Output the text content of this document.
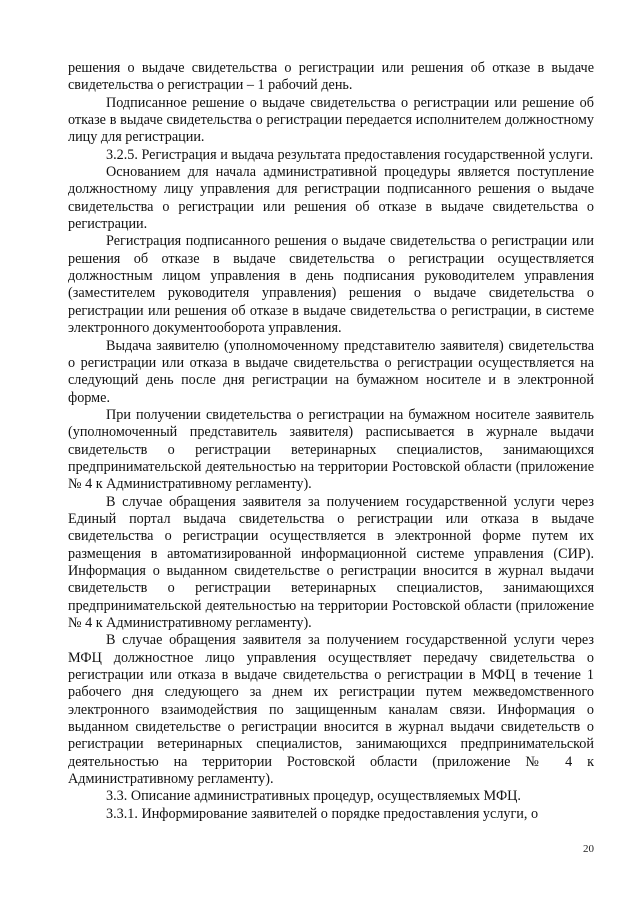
решения о выдаче свидетельства о регистрации или решения об отказе в выдаче свидетельства о регистрации – 1 рабочий день.

Подписанное решение о выдаче свидетельства о регистрации или решение об отказе в выдаче свидетельства о регистрации передается исполнителем должностному лицу для регистрации.

3.2.5. Регистрация и выдача результата предоставления государственной услуги.

Основанием для начала административной процедуры является поступление должностному лицу управления для регистрации подписанного решения о выдаче свидетельства о регистрации или решения об отказе в выдаче свидетельства о регистрации.

Регистрация подписанного решения о выдаче свидетельства о регистрации или решения об отказе в выдаче свидетельства о регистрации осуществляется должностным лицом управления в день подписания руководителем управления (заместителем руководителя управления) решения о выдаче свидетельства о регистрации или решения об отказе в выдаче свидетельства о регистрации, в системе электронного документооборота управления.

Выдача заявителю (уполномоченному представителю заявителя) свидетельства о регистрации или отказа в выдаче свидетельства о регистрации осуществляется на следующий день после дня регистрации на бумажном носителе и в электронной форме.

При получении свидетельства о регистрации на бумажном носителе заявитель (уполномоченный представитель заявителя) расписывается в журнале выдачи свидетельств о регистрации ветеринарных специалистов, занимающихся предпринимательской деятельностью на территории Ростовской области (приложение № 4 к Административному регламенту).

В случае обращения заявителя за получением государственной услуги через Единый портал выдача свидетельства о регистрации или отказа в выдаче свидетельства о регистрации осуществляется в электронной форме путем их размещения в автоматизированной информационной системе управления (СИР). Информация о выданном свидетельстве о регистрации вносится в журнал выдачи свидетельств о регистрации ветеринарных специалистов, занимающихся предпринимательской деятельностью на территории Ростовской области (приложение № 4 к Административному регламенту).

В случае обращения заявителя за получением государственной услуги через МФЦ должностное лицо управления осуществляет передачу свидетельства о регистрации или отказа в выдаче свидетельства о регистрации в МФЦ в течение 1 рабочего дня следующего за днем их регистрации путем межведомственного электронного взаимодействия по защищенным каналам связи. Информация о выданном свидетельстве о регистрации вносится в журнал выдачи свидетельств о регистрации ветеринарных специалистов, занимающихся предпринимательской деятельностью на территории Ростовской области (приложение № 4 к Административному регламенту).

3.3. Описание административных процедур, осуществляемых МФЦ.

3.3.1. Информирование заявителей о порядке предоставления услуги, о

20
